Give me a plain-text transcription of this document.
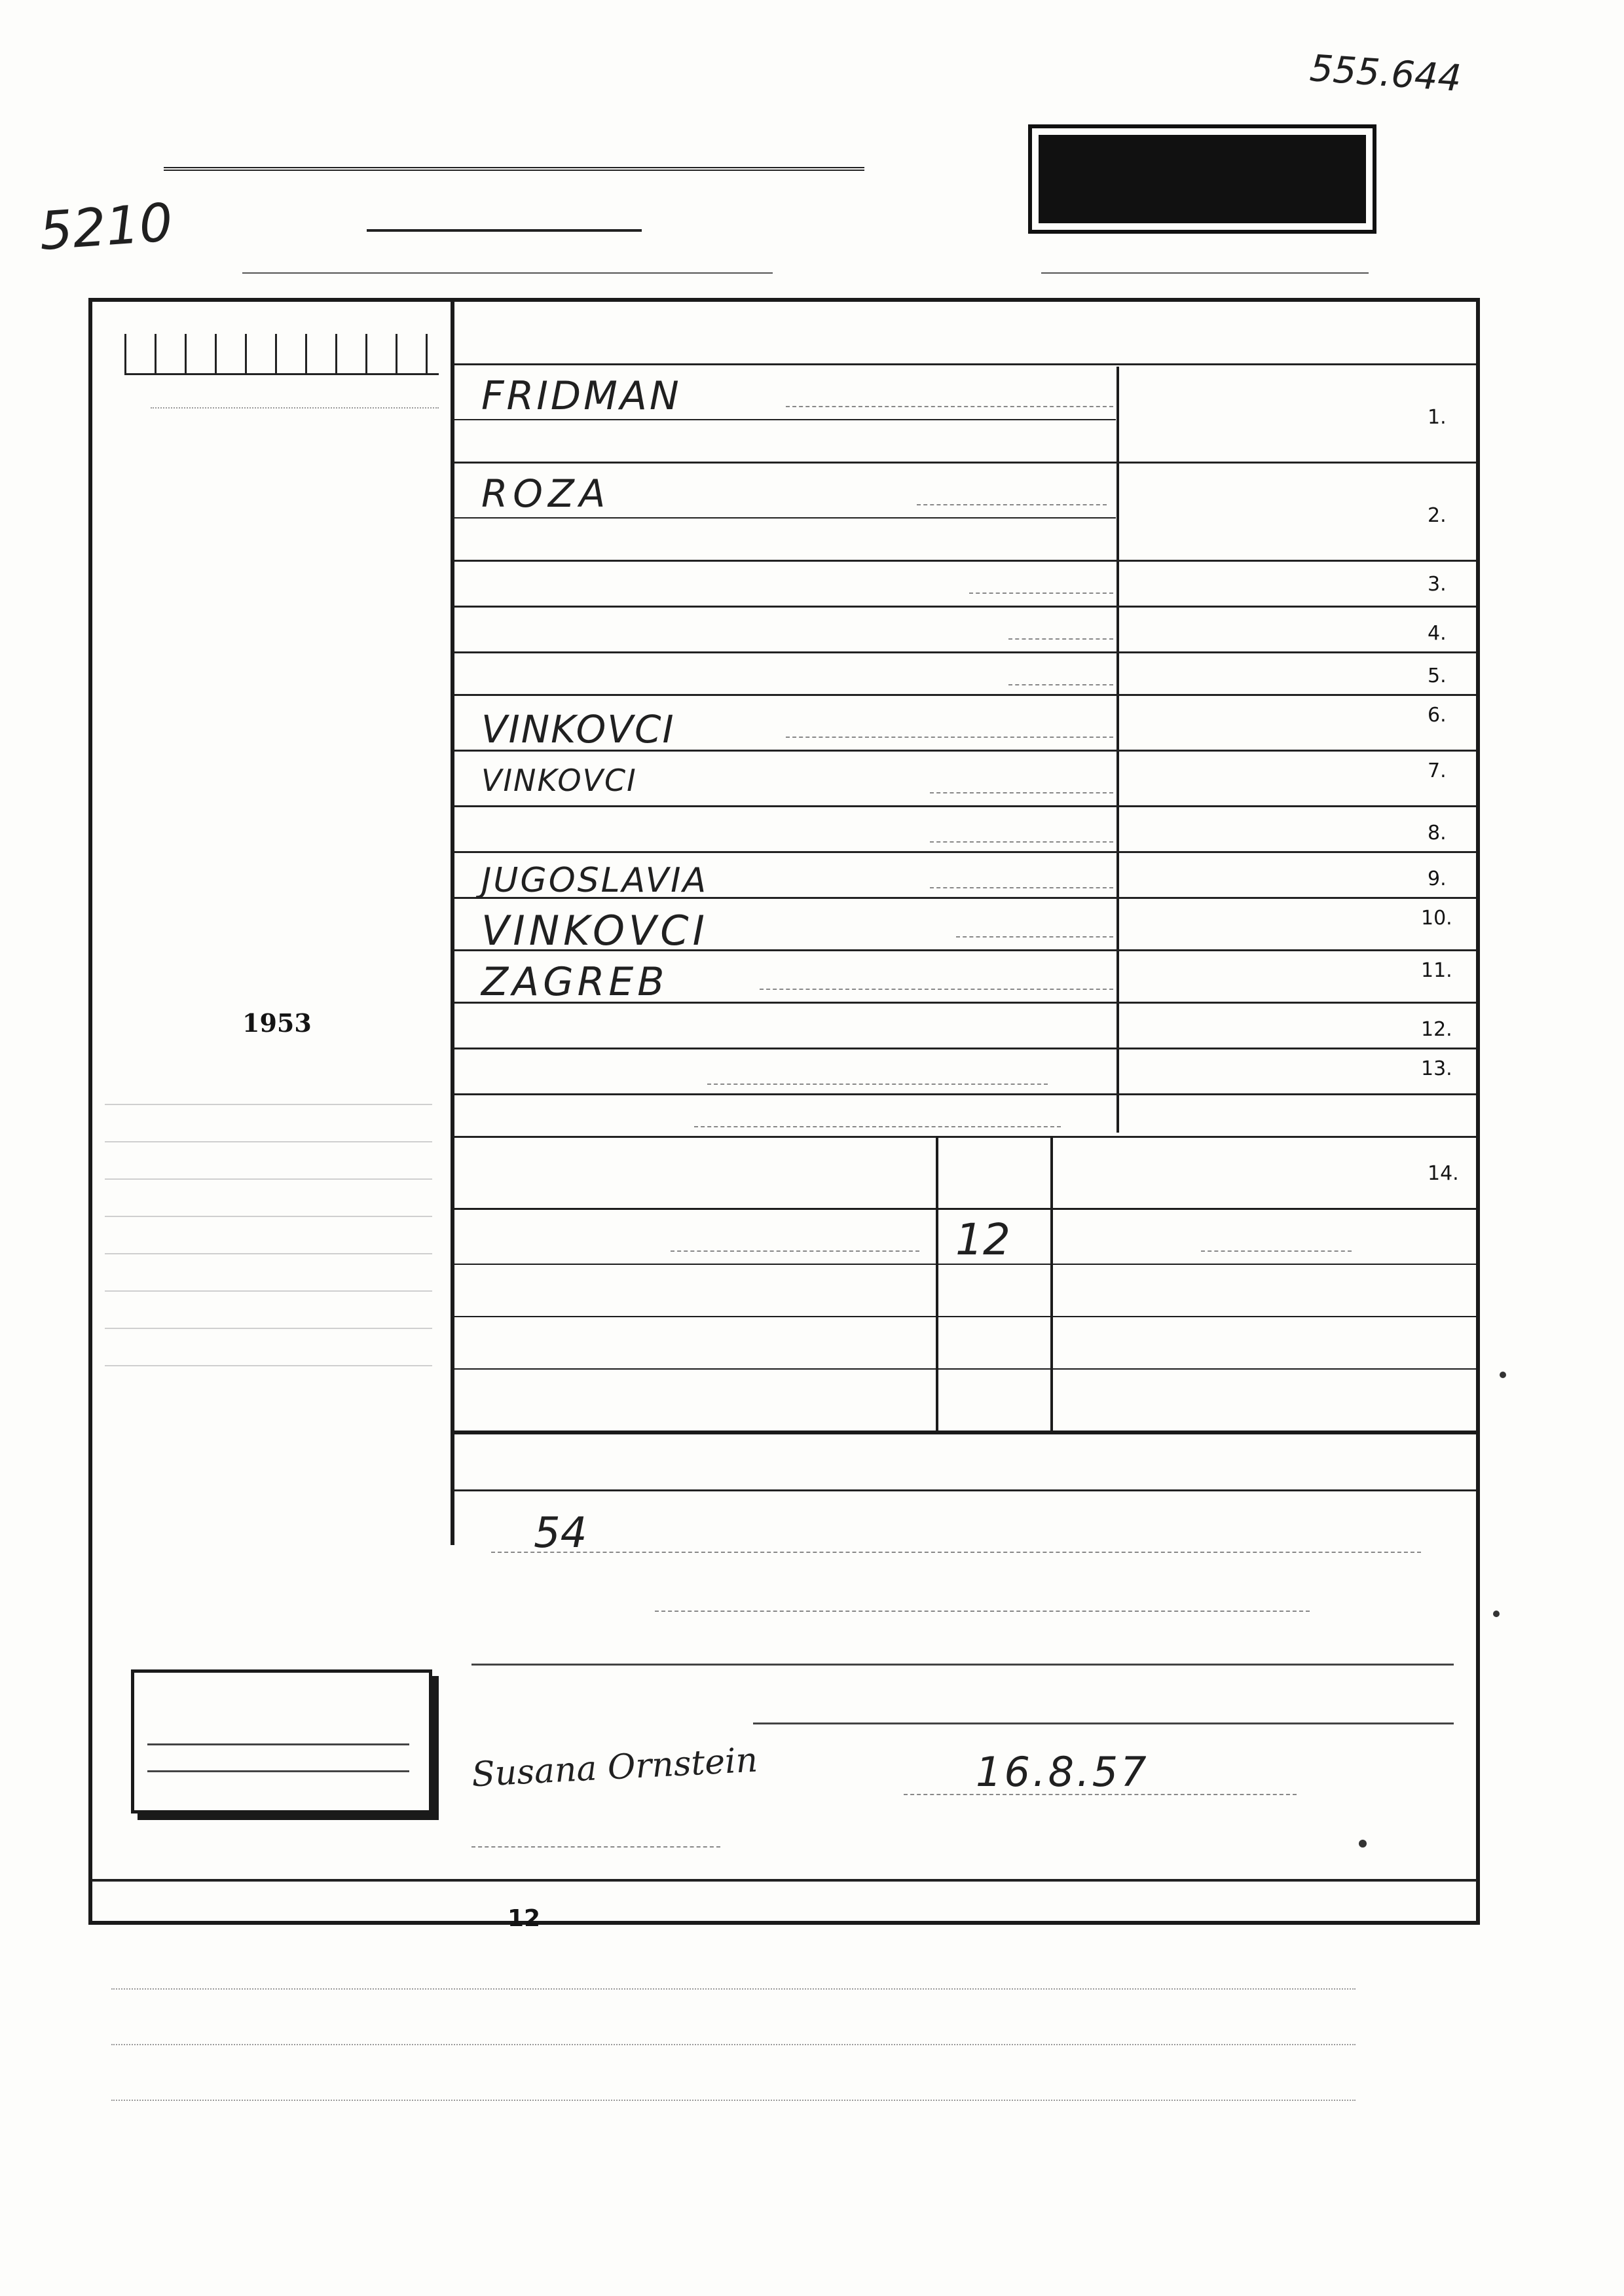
555.644
5210
1953
1.
2.
3.
4.
5.
6.
7.
8.
9.
10.
11.
12.
13.
14.
FRIDMAN
ROZA
VINKOVCI
VINKOVCI
JUGOSLAVIA
VINKOVCI
ZAGREB
12
54
Susana Ornstein	16.8.57
12
